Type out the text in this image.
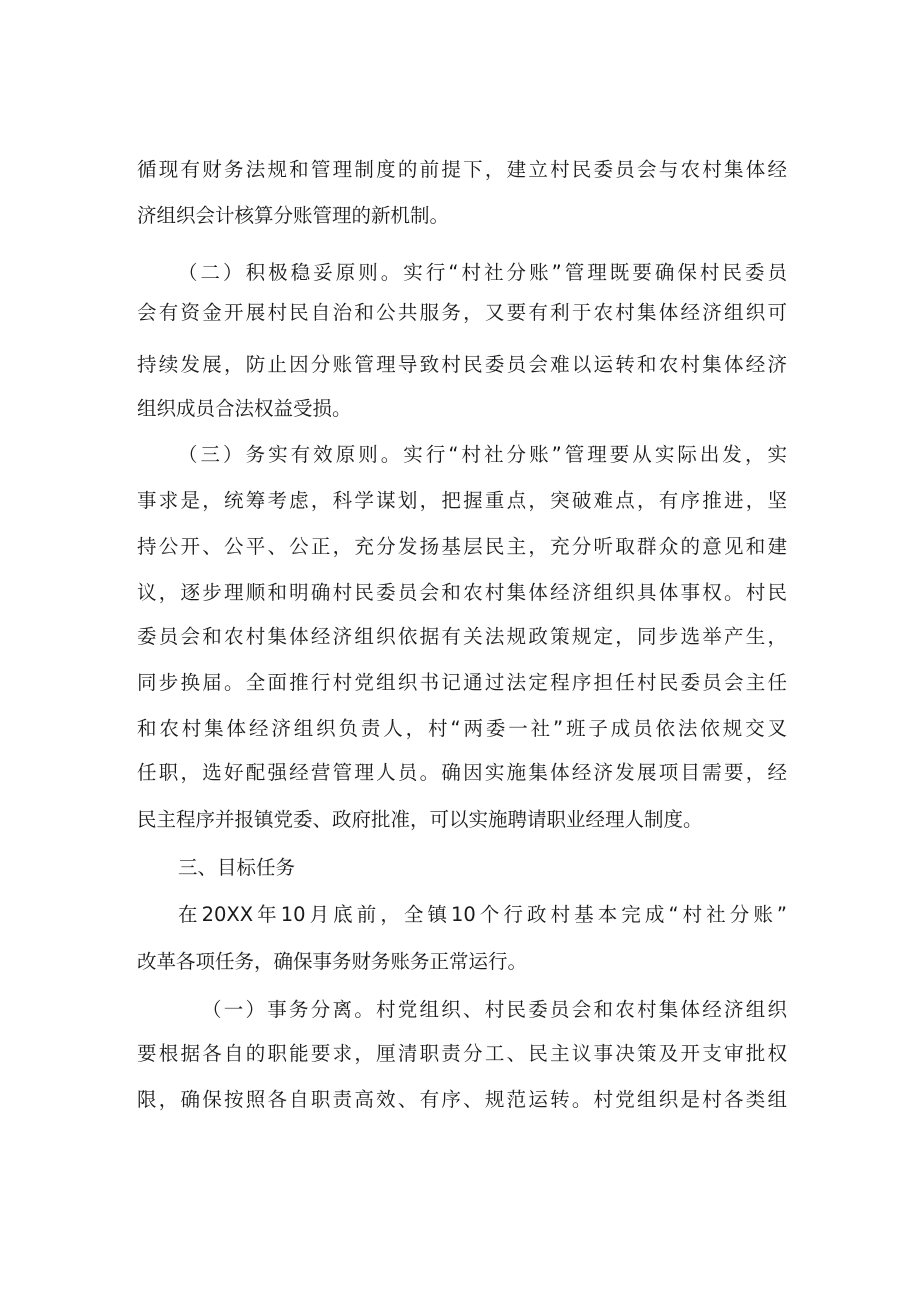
循现有财务法规和管理制度的前提下，建立村民委员会与农村集体经
济组织会计核算分账管理的新机制。
（二）积极稳妥原则。实行“村社分账”管理既要确保村民委员
会有资金开展村民自治和公共服务，又要有利于农村集体经济组织可
持续发展，防止因分账管理导致村民委员会难以运转和农村集体经济
组织成员合法权益受损。
（三）务实有效原则。实行“村社分账”管理要从实际出发，实
事求是，统筹考虑，科学谋划，把握重点，突破难点，有序推进，坚
持公开、公平、公正，充分发扬基层民主，充分听取群众的意见和建
议，逐步理顺和明确村民委员会和农村集体经济组织具体事权。村民
委员会和农村集体经济组织依据有关法规政策规定，同步选举产生，
同步换届。全面推行村党组织书记通过法定程序担任村民委员会主任
和农村集体经济组织负责人，村“两委一社”班子成员依法依规交叉
任职，选好配强经营管理人员。确因实施集体经济发展项目需要，经
民主程序并报镇党委、政府批准，可以实施聘请职业经理人制度。
三、目标任务
在20XX年10月底前，全镇10个行政村基本完成“村社分账”
改革各项任务，确保事务财务账务正常运行。
（一）事务分离。村党组织、村民委员会和农村集体经济组织
要根据各自的职能要求，厘清职责分工、民主议事决策及开支审批权
限，确保按照各自职责高效、有序、规范运转。村党组织是村各类组
